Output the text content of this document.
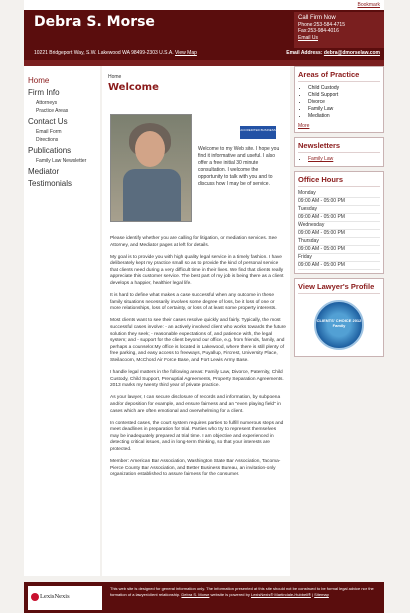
Bookmark
Debra S. Morse	Call Firm Now
Phone:253-584-4715
Fax:253-984-4016
Email Us
10221 Bridgeport Way, S.W. Lakewood WA 98499-2303 U.S.A. View Map	Email Address: debra@dmorselaw.com
Home
Firm Info
Attorneys
Practice Areas
Contact Us
Email Form
Directions
Publications
Family Law Newsletter
Mediator
Testimonials
Home
Welcome
ACCREDITED BUSINESS
Welcome to my Web site. I hope you find it informative and useful. I also offer a free initial 30 minute consultation. I welcome the opportunity to talk with you and to discuss how I may be of service.

Please identify whether you are calling for litigation, or mediation services. See Attorney, and Mediator pages at left for details.

My goal is to provide you with high quality legal service in a timely fashion. I have deliberately kept my practice small so as to provide the kind of personal service that clients need during a very difficult time in their lives. We find that clients really appreciate this customer service. The best part of my job is being there as a client develops a happier, healthier legal life.

It is hard to define what makes a case successful when any outcome in these family situations necessarily involves some degree of loss, be it loss of one or more relationships, loss of certainty, or loss of at least some property interests.

Most clients want to see their cases resolve quickly and fairly. Typically, the most successful cases involve: - an actively involved client who works towards the future solution they seek; - reasonable expectations of, and patience with, the legal system; and - support for the client beyond our office, e.g. from friends, family, and perhaps a counselor.My office is located in Lakewood, where there is still plenty of free parking, and easy access to freeways, Puyallup, Fircrest, University Place, Steilacoom, McChord Air Force Base, and Fort Lewis Army Base.

I handle legal matters in the following areas: Family Law, Divorce, Paternity, Child Custody, Child Support, Prenuptial Agreements, Property Separation Agreements. 2013 marks my twenty third year of private practice.

As your lawyer, I can secure disclosure of records and information, by subpoena and/or deposition for example, and ensure fairness and an "even playing field" in cases which are often emotional and overwhelming for a client.

In contested cases, the court system requires parties to fulfill numerous steps and meet deadlines in preparation for trial. Parties who try to represent themselves may be inadequately prepared at trial time. I am objective and experienced in detecting critical issues, and in long-term thinking, so that your interests are protected.

Member: American Bar Association, Washington State Bar Association, Tacoma-Pierce County Bar Association, and Better Business Bureau, an invitation-only organization established to assure fairness for the consumer.

Areas of Practice
• Child Custody
• Child Support
• Divorce
• Family Law
• Mediation
More
Newsletters
• Family Law
Office Hours
Monday
09:00 AM - 05:00 PM
Tuesday
09:00 AM - 05:00 PM
Wednesday
09:00 AM - 05:00 PM
Thursday
09:00 AM - 05:00 PM
Friday
09:00 AM - 05:00 PM
View Lawyer's Profile
CLIENTS' CHOICE 2012 Family
LexisNexis
This web site is designed for general information only. The information presented at this site should not be construed to be formal legal advice nor the formation of a lawyer/client relationship. Debra S. Morse website is powered by LexisNexis® Martindale-Hubbell® | Sitemap
